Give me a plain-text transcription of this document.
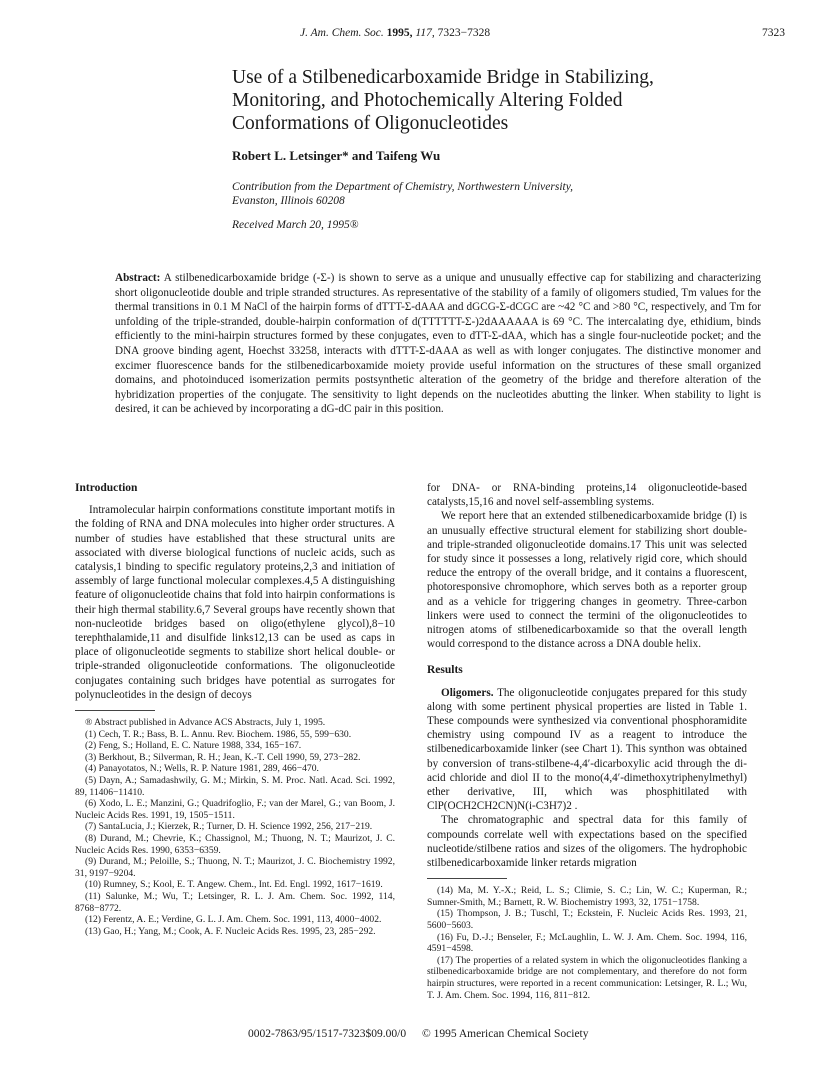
J. Am. Chem. Soc. 1995, 117, 7323−7328	7323
Use of a Stilbenedicarboxamide Bridge in Stabilizing, Monitoring, and Photochemically Altering Folded Conformations of Oligonucleotides
Robert L. Letsinger* and Taifeng Wu
Contribution from the Department of Chemistry, Northwestern University,
Evanston, Illinois 60208
Received March 20, 1995®
Abstract: A stilbenedicarboxamide bridge (-Σ-) is shown to serve as a unique and unusually effective cap for stabilizing and characterizing short oligonucleotide double and triple stranded structures. As representative of the stability of a family of oligomers studied, Tm values for the thermal transitions in 0.1 M NaCl of the hairpin forms of dTTT-Σ-dAAA and dGCG-Σ-dCGC are ~42 °C and >80 °C, respectively, and Tm for unfolding of the triple-stranded, double-hairpin conformation of d(TTTTTT-Σ-)2dAAAAAA is 69 °C. The intercalating dye, ethidium, binds efficiently to the mini-hairpin structures formed by these conjugates, even to dTT-Σ-dAA, which has a single four-nucleotide pocket; and the DNA groove binding agent, Hoechst 33258, interacts with dTTT-Σ-dAAA as well as with longer conjugates. The distinctive monomer and excimer fluorescence bands for the stilbenedicarboxamide moiety provide useful information on the structures of these small organized domains, and photoinduced isomerization permits postsynthetic alteration of the geometry of the bridge and therefore alteration of the hybridization properties of the conjugate. The sensitivity to light depends on the nucleotides abutting the linker. When stability to light is desired, it can be achieved by incorporating a dG-dC pair in this position.
Introduction

Intramolecular hairpin conformations constitute important motifs in the folding of RNA and DNA molecules into higher order structures. A number of studies have established that these structural units are associated with diverse biological functions of nucleic acids, such as catalysis,1 binding to specific regulatory proteins,2,3 and initiation of assembly of large functional molecular complexes.4,5 A distinguishing feature of oligonucleotide chains that fold into hairpin conformations is their high thermal stability.6,7 Several groups have recently shown that non-nucleotide bridges based on oligo(ethylene glycol),8−10 terephthalamide,11 and disulfide links12,13 can be used as caps in place of oligonucleotide segments to stabilize short helical double- or triple-stranded oligonucleotide conformations. The oligonucleotide conjugates containing such bridges have potential as surrogates for polynucleotides in the design of decoys

® Abstract published in Advance ACS Abstracts, July 1, 1995.
(1) Cech, T. R.; Bass, B. L. Annu. Rev. Biochem. 1986, 55, 599−630.
(2) Feng, S.; Holland, E. C. Nature 1988, 334, 165−167.
(3) Berkhout, B.; Silverman, R. H.; Jean, K.-T. Cell 1990, 59, 273−282.
(4) Panayotatos, N.; Wells, R. P. Nature 1981, 289, 466−470.
(5) Dayn, A.; Samadashwily, G. M.; Mirkin, S. M. Proc. Natl. Acad. Sci. 1992, 89, 11406−11410.
(6) Xodo, L. E.; Manzini, G.; Quadrifoglio, F.; van der Marel, G.; van Boom, J. Nucleic Acids Res. 1991, 19, 1505−1511.
(7) SantaLucia, J.; Kierzek, R.; Turner, D. H. Science 1992, 256, 217−219.
(8) Durand, M.; Chevrie, K.; Chassignol, M.; Thuong, N. T.; Maurizot, J. C. Nucleic Acids Res. 1990, 6353−6359.
(9) Durand, M.; Peloille, S.; Thuong, N. T.; Maurizot, J. C. Biochemistry 1992, 31, 9197−9204.
(10) Rumney, S.; Kool, E. T. Angew. Chem., Int. Ed. Engl. 1992, 1617−1619.
(11) Salunke, M.; Wu, T.; Letsinger, R. L. J. Am. Chem. Soc. 1992, 114, 8768−8772.
(12) Ferentz, A. E.; Verdine, G. L. J. Am. Chem. Soc. 1991, 113, 4000−4002.
(13) Gao, H.; Yang, M.; Cook, A. F. Nucleic Acids Res. 1995, 23, 285−292.

for DNA- or RNA-binding proteins,14 oligonucleotide-based catalysts,15,16 and novel self-assembling systems.

We report here that an extended stilbenedicarboxamide bridge (I) is an unusually effective structural element for stabilizing short double- and triple-stranded oligonucleotide domains.17 This unit was selected for study since it possesses a long, relatively rigid core, which should reduce the entropy of the overall bridge, and it contains a fluorescent, photoresponsive chromophore, which serves both as a reporter group and as a vehicle for triggering changes in geometry. Three-carbon linkers were used to connect the termini of the oligonucleotides to nitrogen atoms of stilbenedicarboxamide so that the overall length would correspond to the distance across a DNA double helix.

Results

Oligomers. The oligonucleotide conjugates prepared for this study along with some pertinent physical properties are listed in Table 1. These compounds were synthesized via conventional phosphoramidite chemistry using compound IV as a reagent to introduce the stilbenedicarboxamide linker (see Chart 1). This synthon was obtained by conversion of trans-stilbene-4,4′-dicarboxylic acid through the di-acid chloride and diol II to the mono(4,4′-dimethoxytriphenylmethyl) ether derivative, III, which was phosphitilated with ClP(OCH2CH2CN)N(i-C3H7)2 .

The chromatographic and spectral data for this family of compounds correlate well with expectations based on the specified nucleotide/stilbene ratios and sizes of the oligomers. The hydrophobic stilbenedicarboxamide linker retards migration

(14) Ma, M. Y.-X.; Reid, L. S.; Climie, S. C.; Lin, W. C.; Kuperman, R.; Sumner-Smith, M.; Barnett, R. W. Biochemistry 1993, 32, 1751−1758.
(15) Thompson, J. B.; Tuschl, T.; Eckstein, F. Nucleic Acids Res. 1993, 21, 5600−5603.
(16) Fu, D.-J.; Benseler, F.; McLaughlin, L. W. J. Am. Chem. Soc. 1994, 116, 4591−4598.
(17) The properties of a related system in which the oligonucleotides flanking a stilbenedicarboxamide bridge are not complementary, and therefore do not form hairpin structures, were reported in a recent communication: Letsinger, R. L.; Wu, T. J. Am. Chem. Soc. 1994, 116, 811−812.
0002-7863/95/1517-7323$09.00/0 © 1995 American Chemical Society
